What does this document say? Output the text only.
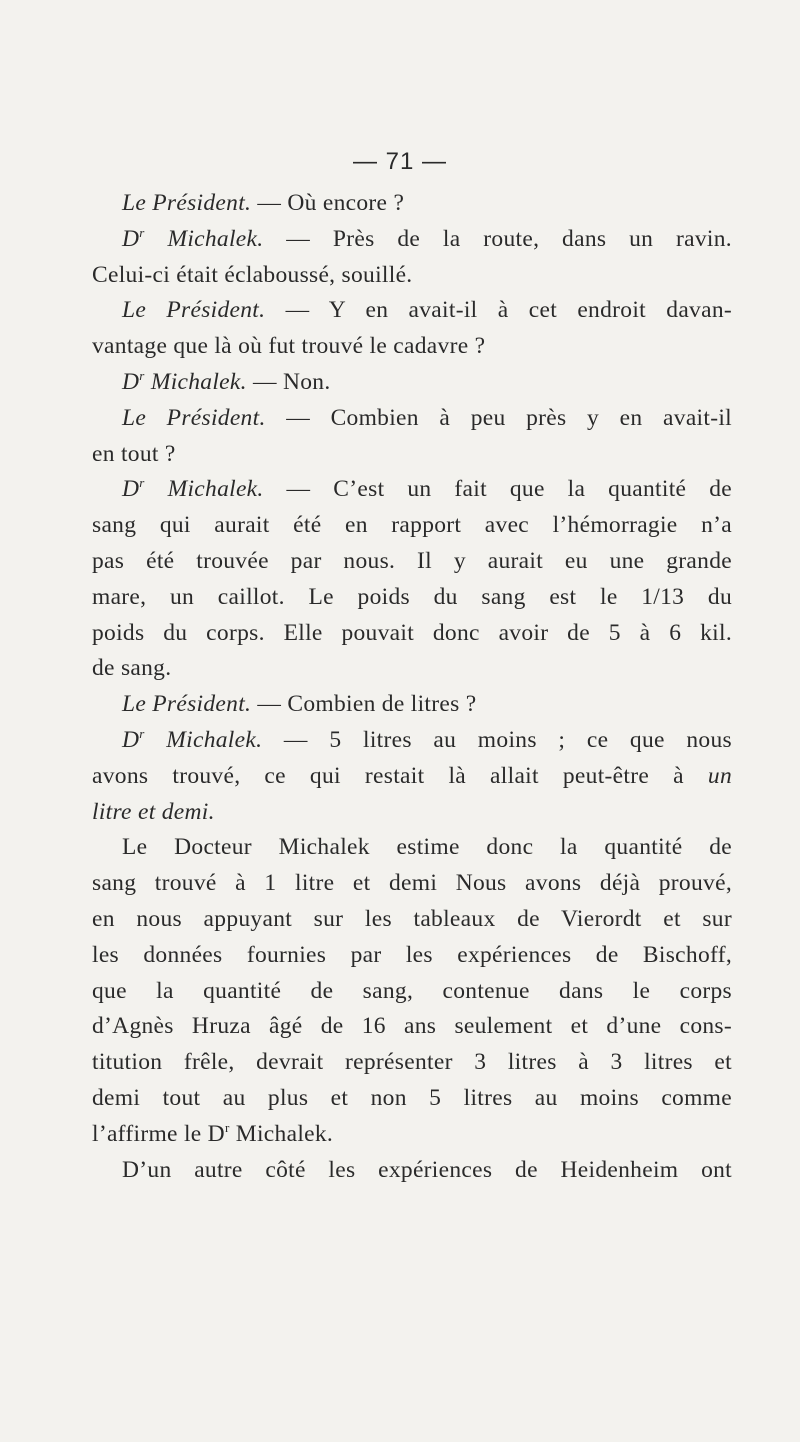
— 71 —
Le Président. — Où encore ?
$D^r$ Michalek. — Près de la route, dans un ravin.
Celui-ci était éclaboussé, souillé.
Le Président. — Y en avait-il à cet endroit davan-
vantage que là où fut trouvé le cadavre ?
$D^r$ Michalek. — Non.
Le Président. — Combien à peu près y en avait-il
en tout ?
$D^r$ Michalek. — C’est un fait que la quantité de
sang qui aurait été en rapport avec l’hémorragie n’a
pas été trouvée par nous. Il y aurait eu une grande
mare, un caillot. Le poids du sang est le 1/13 du
poids du corps. Elle pouvait donc avoir de 5 à 6 kil.
de sang.
Le Président. — Combien de litres ?
$D^r$ Michalek. — 5 litres au moins ; ce que nous
avons trouvé, ce qui restait là allait peut-être à un
litre et demi.
Le Docteur Michalek estime donc la quantité de
sang trouvé à 1 litre et demi Nous avons déjà prouvé,
en nous appuyant sur les tableaux de Vierordt et sur
les données fournies par les expériences de Bischoff,
que la quantité de sang, contenue dans le corps
d’Agnès Hruza âgé de 16 ans seulement et d’une cons-
titution frêle, devrait représenter 3 litres à 3 litres et
demi tout au plus et non 5 litres au moins comme
l’affirme le $D^r$ Michalek.
D’un autre côté les expériences de Heidenheim ont
